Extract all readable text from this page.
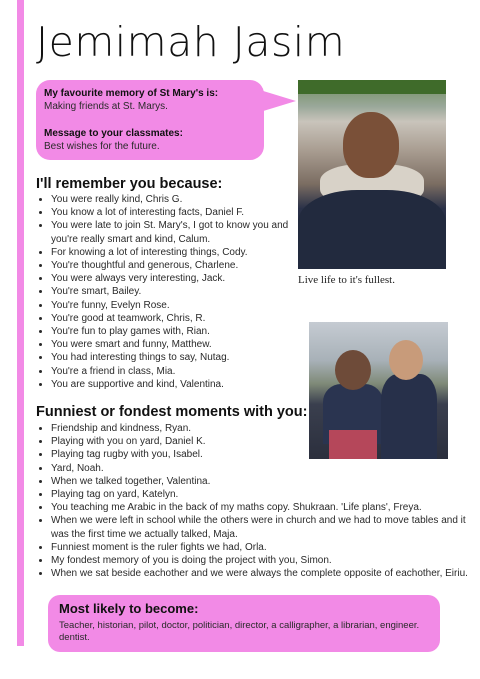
Jemimah Jasim
My favourite memory of St Mary's is:
Making friends at St. Marys.
Message to your classmates:
Best wishes for the future.
Live life to it's fullest.
I'll remember you because:
• You were really kind, Chris G.
• You know a lot of interesting facts, Daniel F.
• You were late to join St. Mary's, I got to know you and you're really smart and kind, Calum.
• For knowing a lot of interesting things, Cody.
• You're thoughtful and generous, Charlene.
• You were always very interesting, Jack.
• You're smart, Bailey.
• You're funny, Evelyn Rose.
• You're good at teamwork, Chris, R.
• You're fun to play games with, Rian.
• You were smart and funny, Matthew.
• You had interesting things to say, Nutag.
• You're a friend in class, Mia.
• You are supportive and kind, Valentina.
Funniest or fondest moments with you:
• Friendship and kindness, Ryan.
• Playing with you on yard, Daniel K.
• Playing tag rugby with you, Isabel.
• Yard, Noah.
• When we talked together, Valentina.
• Playing tag on yard, Katelyn.
• You teaching me Arabic in the back of my maths copy. Shukraan. 'Life plans', Freya.
• When we were left in school while the others were in church and we had to move tables and it was the first time we actually talked, Maja.
• Funniest moment is the ruler fights we had, Orla.
• My fondest memory of you is doing the project with you, Simon.
• When we sat beside eachother and we were always the complete opposite of eachother, Eiriu.
Most likely to become:

Teacher, historian, pilot, doctor, politician, director, a calligrapher, a librarian, engineer. dentist.
